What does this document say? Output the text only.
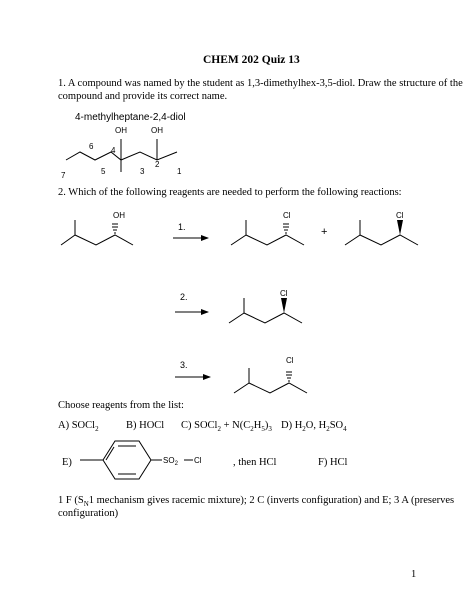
CHEM 202 Quiz 13
1. A compound was named by the student as 1,3-dimethylhex-3,5-diol. Draw the structure of the
compound and provide its correct name.
4-methylheptane-2,4-diol
2. Which of the following reagents are needed to perform the following reactions:
Choose reagents from the list:
A) SOCl$_2$	B) HOCl C) SOCl$_2$ + $N(C_2H_5)_3$ D) $H_2O$, $H_2SO_4$
E)	, then HCl	F) HCl
1 F ($S_N1$ mechanism gives racemic mixture); 2 C (inverts configuration) and E; 3 A (preserves
configuration)
1
OH	OH
7
6
5
4
3
2
1
OH
1.
Cl
+
Cl
2.	Cl
3.	Cl
$SO_2$ Cl
